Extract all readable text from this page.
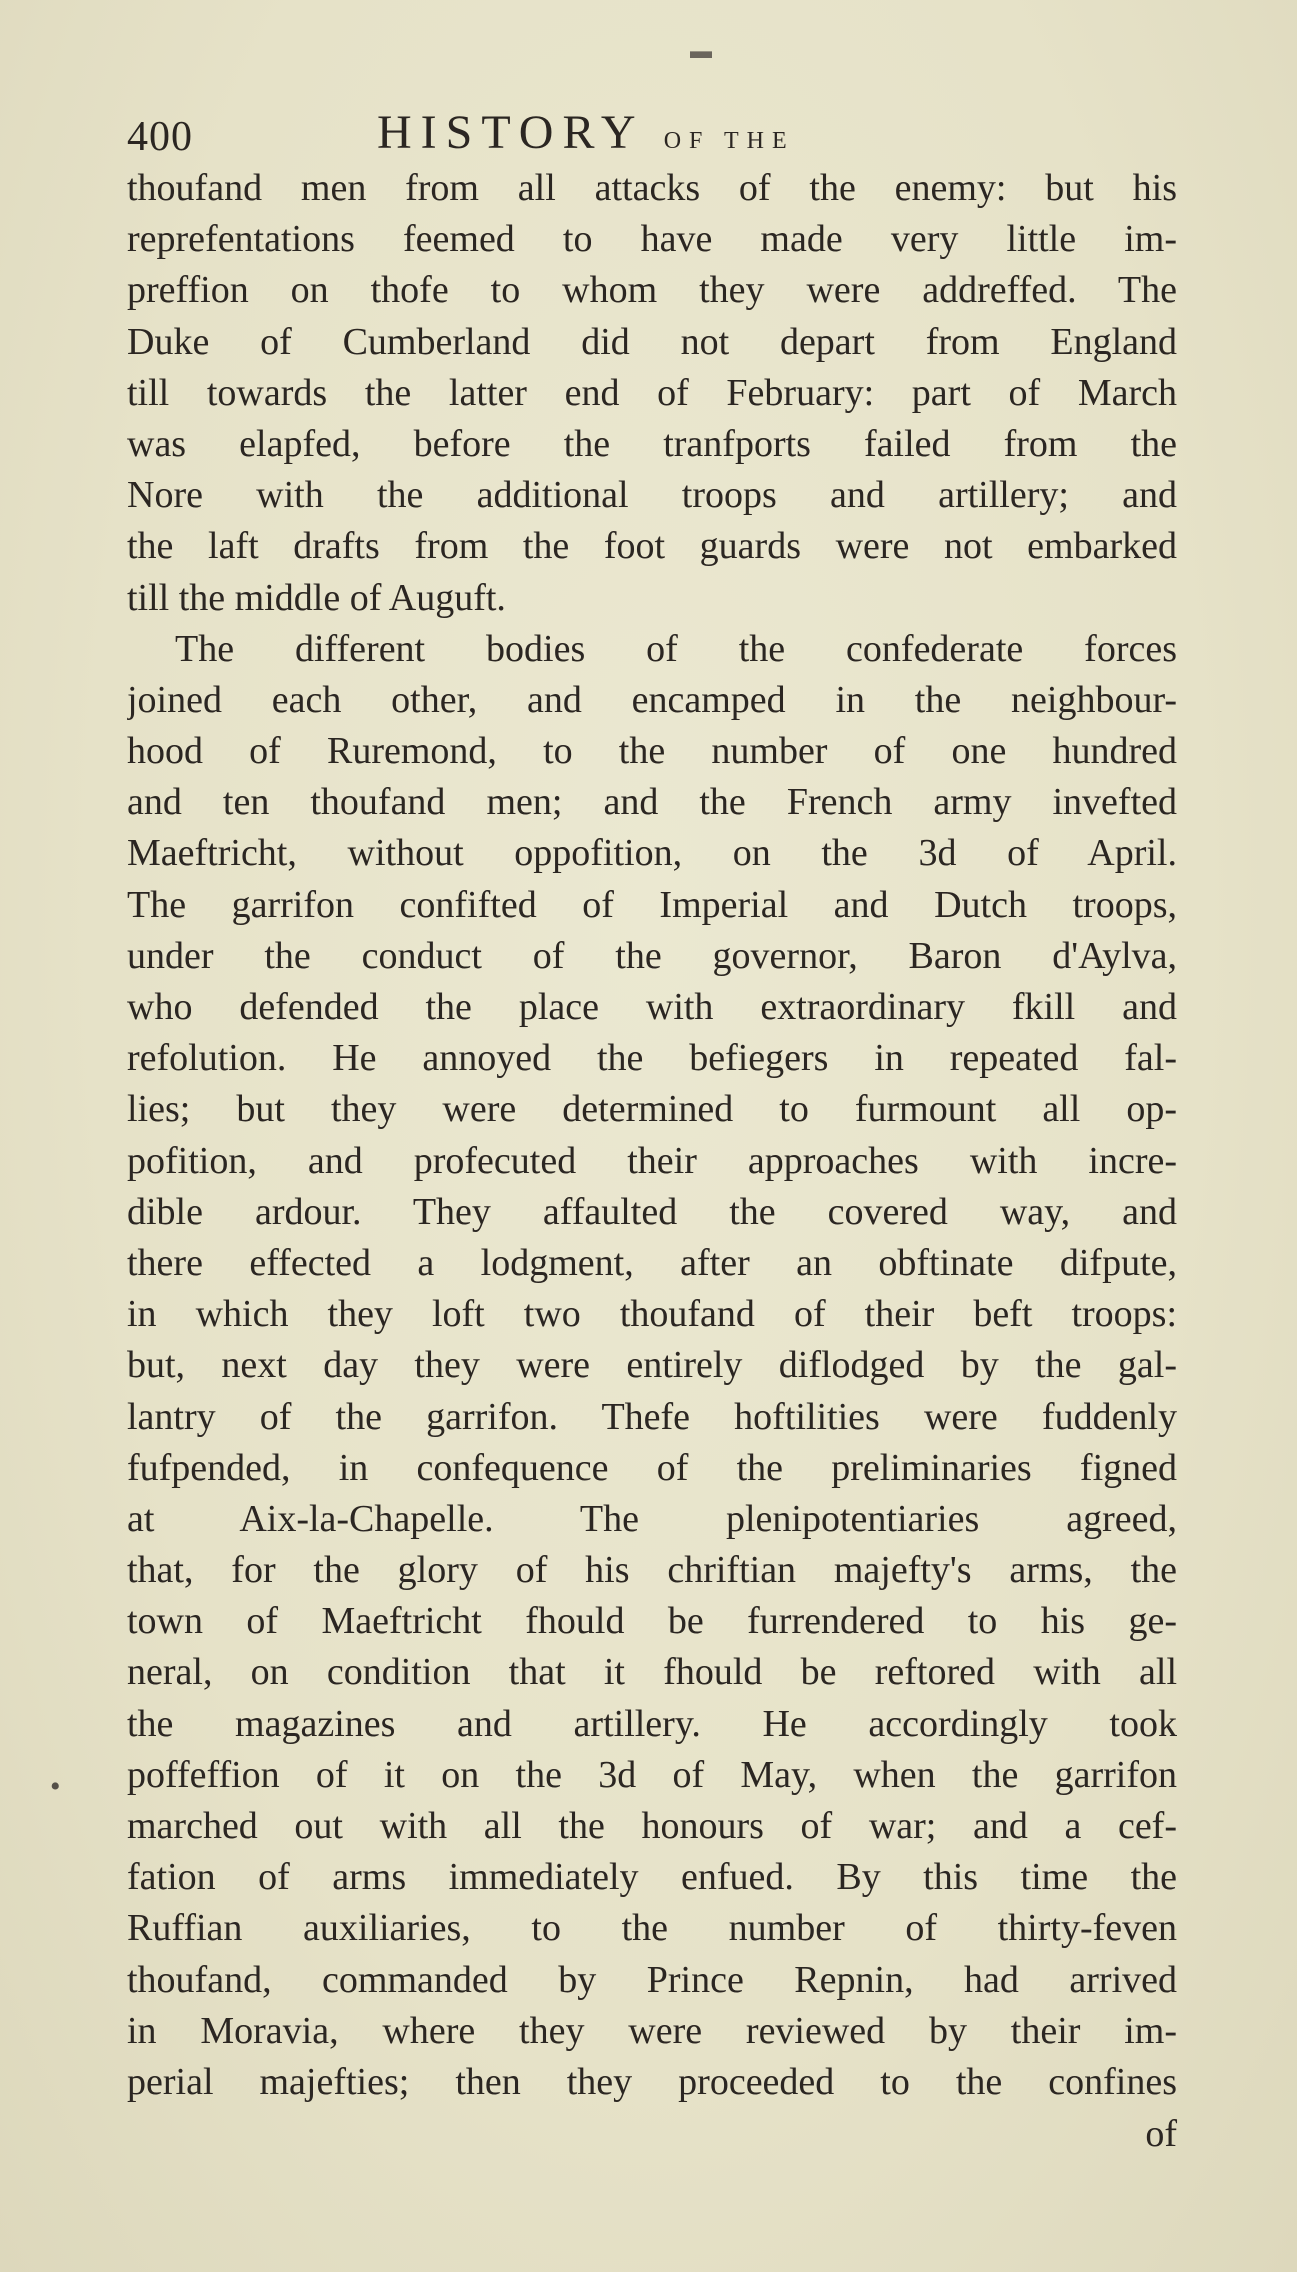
400	HISTORY OF THE
thoufand men from all attacks of the enemy: but his
reprefentations feemed to have made very little im-
preffion on thofe to whom they were addreffed. The
Duke of Cumberland did not depart from England
till towards the latter end of February: part of March
was elapfed, before the tranfports failed from the
Nore with the additional troops and artillery; and
the laft drafts from the foot guards were not embarked
till the middle of Auguft.
The different bodies of the confederate forces
joined each other, and encamped in the neighbour-
hood of Ruremond, to the number of one hundred
and ten thoufand men; and the French army invefted
Maeftricht, without oppofition, on the 3d of April.
The garrifon confifted of Imperial and Dutch troops,
under the conduct of the governor, Baron d'Aylva,
who defended the place with extraordinary fkill and
refolution. He annoyed the befiegers in repeated fal-
lies; but they were determined to furmount all op-
pofition, and profecuted their approaches with incre-
dible ardour. They affaulted the covered way, and
there effected a lodgment, after an obftinate difpute,
in which they loft two thoufand of their beft troops:
but, next day they were entirely diflodged by the gal-
lantry of the garrifon. Thefe hoftilities were fuddenly
fufpended, in confequence of the preliminaries figned
at Aix-la-Chapelle. The plenipotentiaries agreed,
that, for the glory of his chriftian majefty's arms, the
town of Maeftricht fhould be furrendered to his ge-
neral, on condition that it fhould be reftored with all
the magazines and artillery. He accordingly took
poffeffion of it on the 3d of May, when the garrifon
marched out with all the honours of war; and a cef-
fation of arms immediately enfued. By this time the
Ruffian auxiliaries, to the number of thirty-feven
thoufand, commanded by Prince Repnin, had arrived
in Moravia, where they were reviewed by their im-
perial majefties; then they proceeded to the confines
of
▬
•
